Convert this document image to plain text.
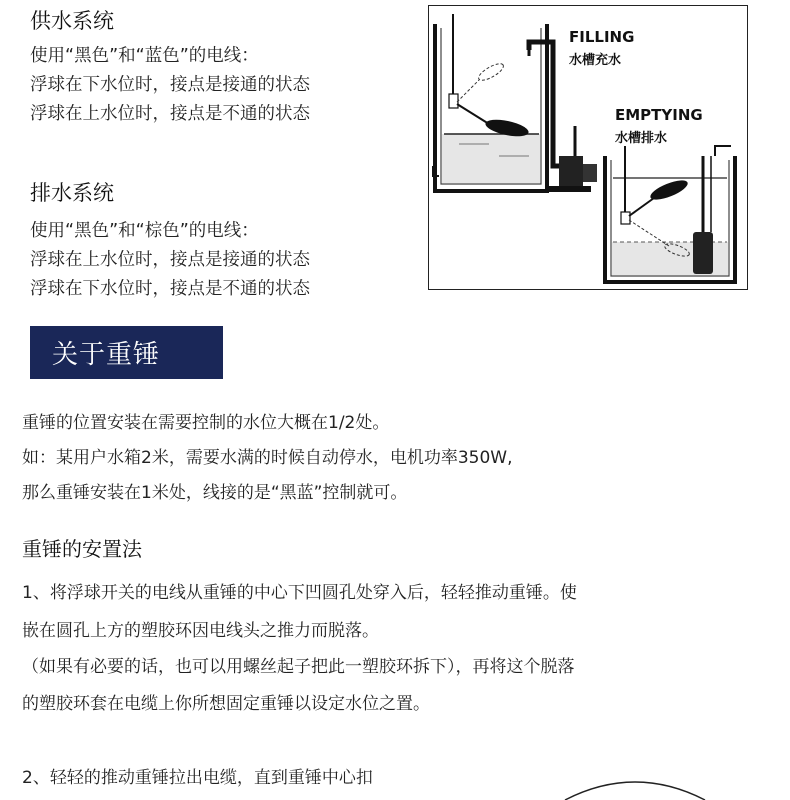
供水系统
使用“黑色”和“蓝色”的电线：
浮球在下水位时，接点是接通的状态
浮球在上水位时，接点是不通的状态
排水系统
使用“黑色”和“棕色”的电线：
浮球在上水位时，接点是接通的状态
浮球在下水位时，接点是不通的状态
FILLING
水槽充水
EMPTYING
水槽排水
关于重锤
重锤的位置安装在需要控制的水位大概在1/2处。
如：某用户水箱2米，需要水满的时候自动停水，电机功率350W,
那么重锤安装在1米处，线接的是“黑蓝”控制就可。
重锤的安置法
1、将浮球开关的电线从重锤的中心下凹圆孔处穿入后，轻轻推动重锤。使
嵌在圆孔上方的塑胶环因电线头之推力而脱落。
（如果有必要的话，也可以用螺丝起子把此一塑胶环拆下），再将这个脱落
的塑胶环套在电缆上你所想固定重锤以设定水位之置。
2、轻轻的推动重锤拉出电缆，直到重锤中心扣
